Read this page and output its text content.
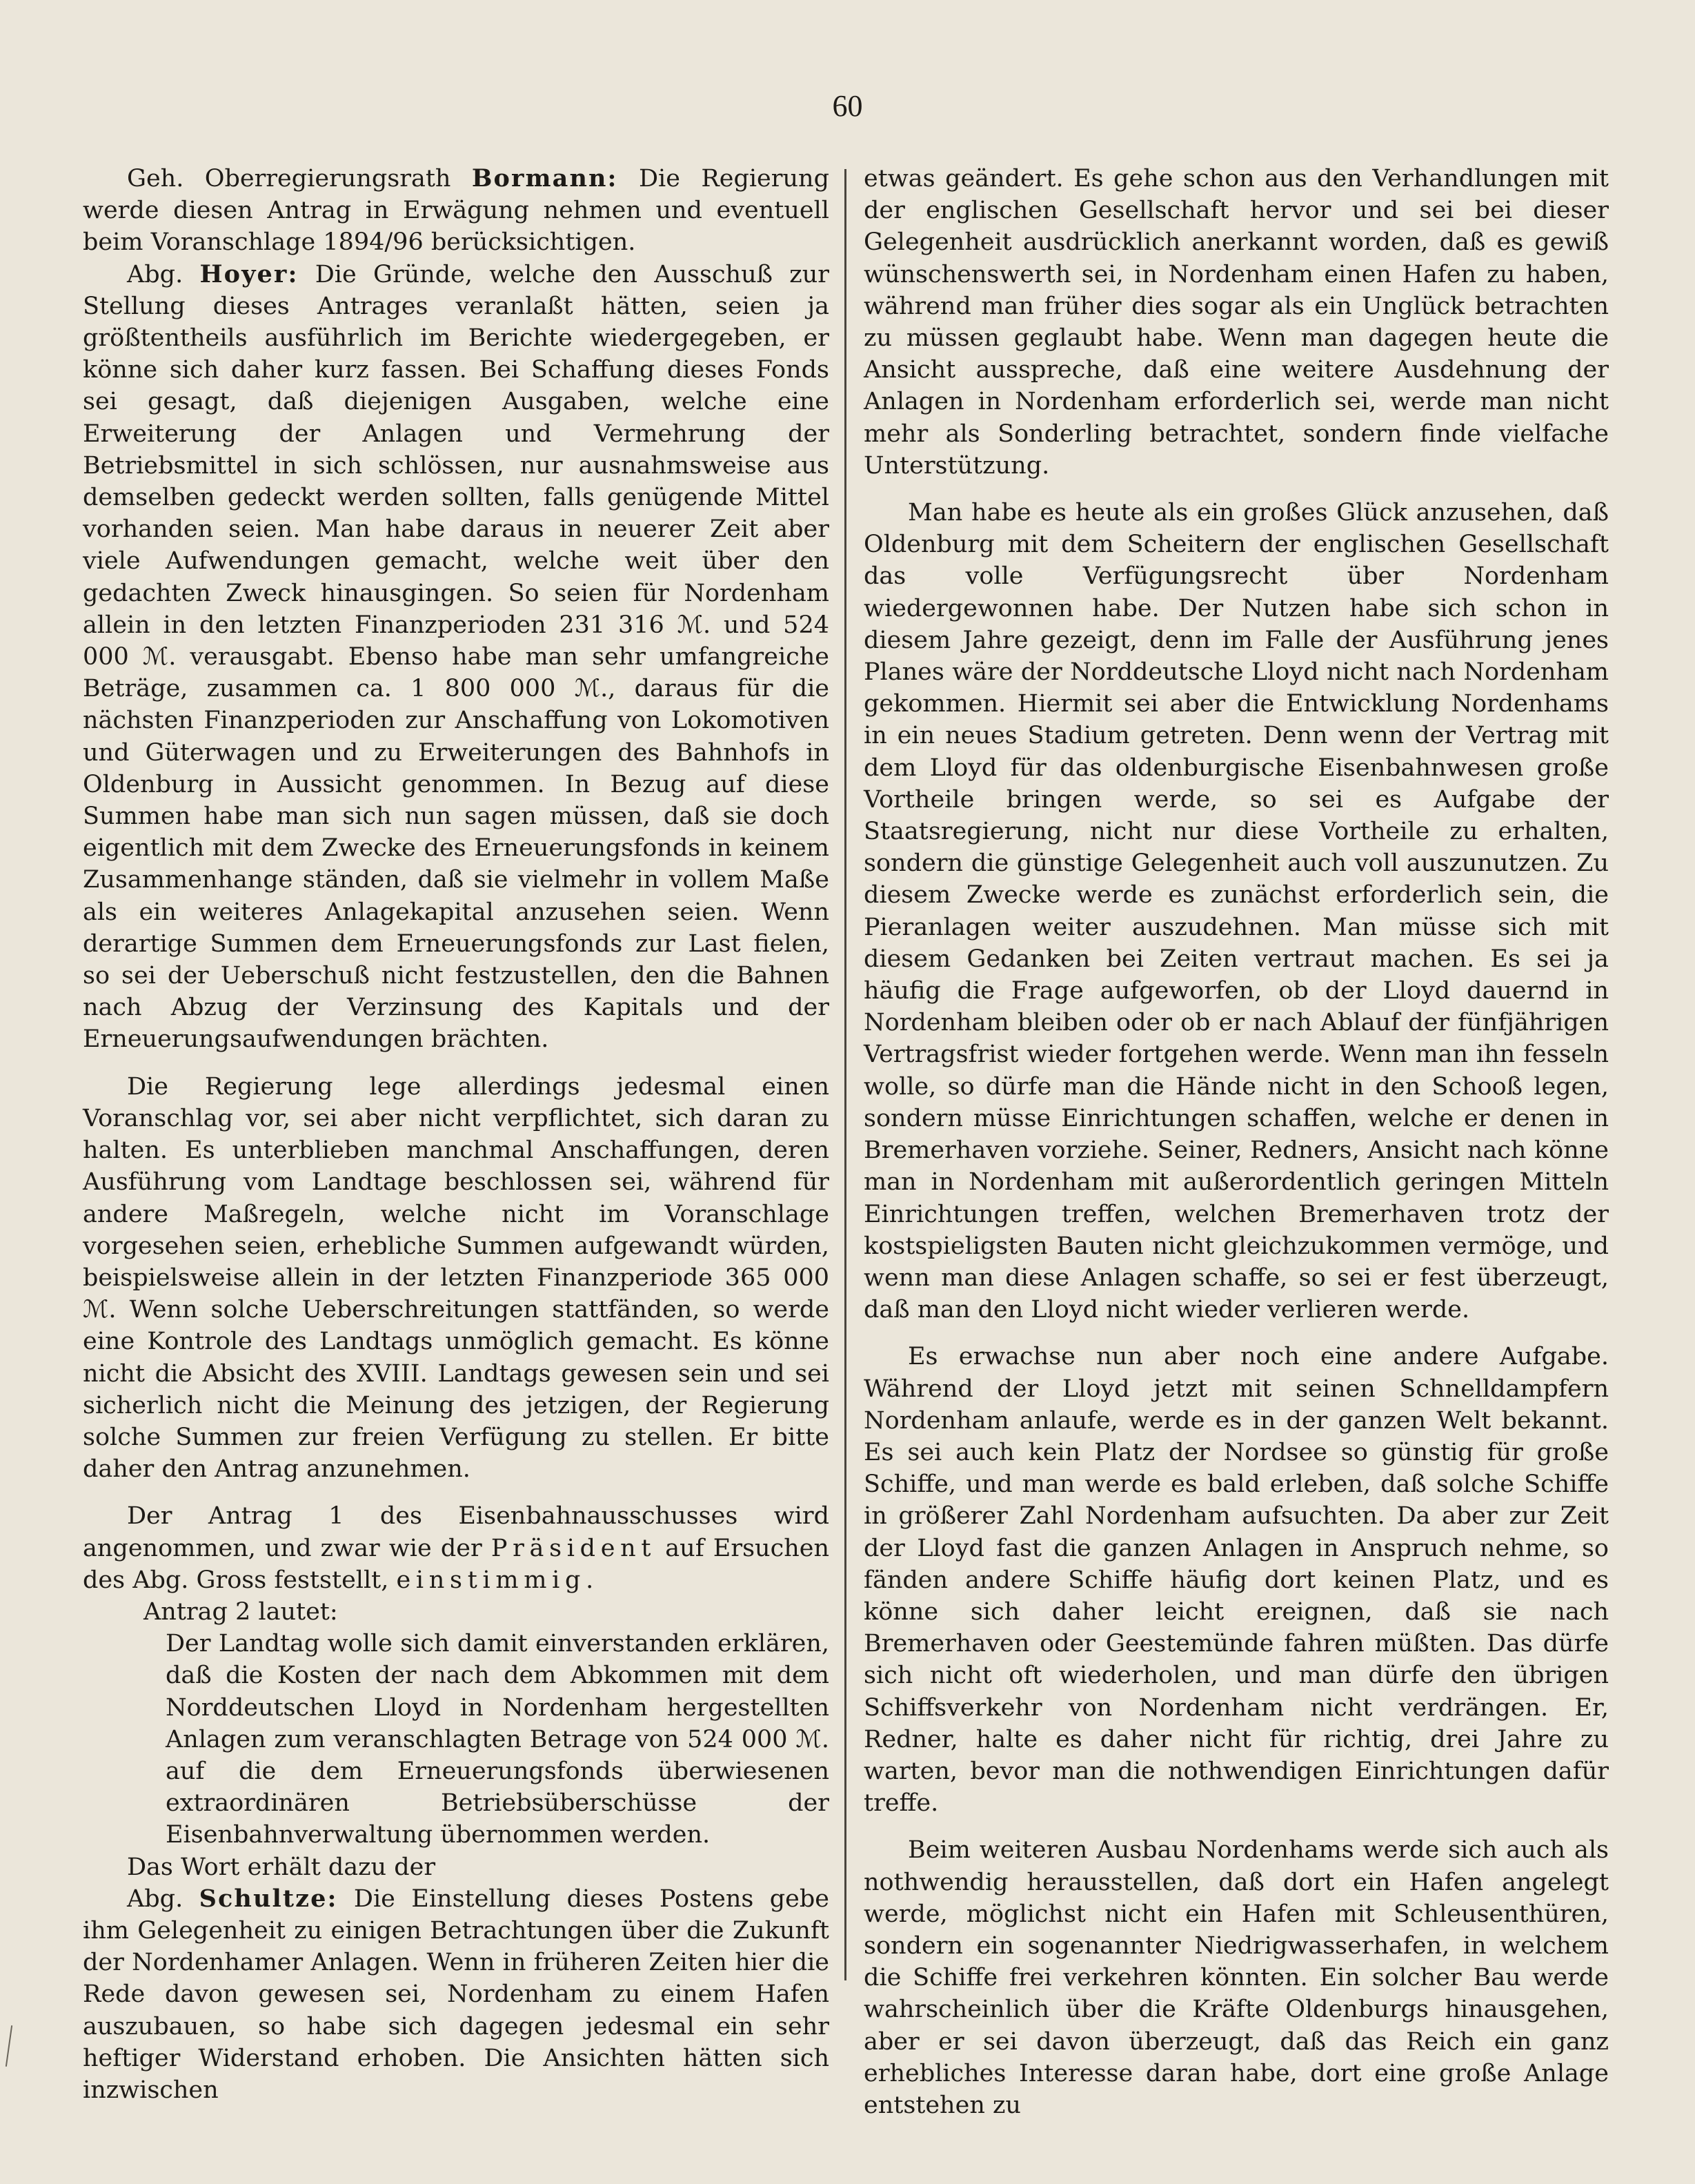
60

Geh. Oberregierungsrath Bormann: Die Regierung werde diesen Antrag in Erwägung nehmen und eventuell beim Voranschlage 1894/96 berücksichtigen.

Abg. Hoyer: Die Gründe, welche den Ausschuß zur Stellung dieses Antrages veranlaßt hätten, seien ja größtentheils ausführlich im Berichte wiedergegeben, er könne sich daher kurz fassen. Bei Schaffung dieses Fonds sei gesagt, daß diejenigen Ausgaben, welche eine Erweiterung der Anlagen und Vermehrung der Betriebsmittel in sich schlössen, nur ausnahmsweise aus demselben gedeckt werden sollten, falls genügende Mittel vorhanden seien. Man habe daraus in neuerer Zeit aber viele Aufwendungen gemacht, welche weit über den gedachten Zweck hinausgingen. So seien für Nordenham allein in den letzten Finanzperioden 231 316 ℳ. und 524 000 ℳ. verausgabt. Ebenso habe man sehr umfangreiche Beträge, zusammen ca. 1 800 000 ℳ., daraus für die nächsten Finanzperioden zur Anschaffung von Lokomotiven und Güterwagen und zu Erweiterungen des Bahnhofs in Oldenburg in Aussicht genommen. In Bezug auf diese Summen habe man sich nun sagen müssen, daß sie doch eigentlich mit dem Zwecke des Erneuerungsfonds in keinem Zusammenhange ständen, daß sie vielmehr in vollem Maße als ein weiteres Anlagekapital anzusehen seien. Wenn derartige Summen dem Erneuerungsfonds zur Last fielen, so sei der Ueberschuß nicht festzustellen, den die Bahnen nach Abzug der Verzinsung des Kapitals und der Erneuerungsaufwendungen brächten.

Die Regierung lege allerdings jedesmal einen Voranschlag vor, sei aber nicht verpflichtet, sich daran zu halten. Es unterblieben manchmal Anschaffungen, deren Ausführung vom Landtage beschlossen sei, während für andere Maßregeln, welche nicht im Voranschlage vorgesehen seien, erhebliche Summen aufgewandt würden, beispielsweise allein in der letzten Finanzperiode 365 000 ℳ. Wenn solche Ueberschreitungen stattfänden, so werde eine Kontrole des Landtags unmöglich gemacht. Es könne nicht die Absicht des XVIII. Landtags gewesen sein und sei sicherlich nicht die Meinung des jetzigen, der Regierung solche Summen zur freien Verfügung zu stellen. Er bitte daher den Antrag anzunehmen.

Der Antrag 1 des Eisenbahnausschusses wird angenommen, und zwar wie der Präsident auf Ersuchen des Abg. Gross feststellt, einstimmig.

Antrag 2 lautet:

Der Landtag wolle sich damit einverstanden erklären, daß die Kosten der nach dem Abkommen mit dem Norddeutschen Lloyd in Nordenham hergestellten Anlagen zum veranschlagten Betrage von 524 000 ℳ. auf die dem Erneuerungsfonds überwiesenen extraordinären Betriebsüberschüsse der Eisenbahnverwaltung übernommen werden.

Das Wort erhält dazu der

Abg. Schultze: Die Einstellung dieses Postens gebe ihm Gelegenheit zu einigen Betrachtungen über die Zukunft der Nordenhamer Anlagen. Wenn in früheren Zeiten hier die Rede davon gewesen sei, Nordenham zu einem Hafen auszubauen, so habe sich dagegen jedesmal ein sehr heftiger Widerstand erhoben. Die Ansichten hätten sich inzwischen

etwas geändert. Es gehe schon aus den Verhandlungen mit der englischen Gesellschaft hervor und sei bei dieser Gelegenheit ausdrücklich anerkannt worden, daß es gewiß wünschenswerth sei, in Nordenham einen Hafen zu haben, während man früher dies sogar als ein Unglück betrachten zu müssen geglaubt habe. Wenn man dagegen heute die Ansicht ausspreche, daß eine weitere Ausdehnung der Anlagen in Nordenham erforderlich sei, werde man nicht mehr als Sonderling betrachtet, sondern finde vielfache Unterstützung.

Man habe es heute als ein großes Glück anzusehen, daß Oldenburg mit dem Scheitern der englischen Gesellschaft das volle Verfügungsrecht über Nordenham wiedergewonnen habe. Der Nutzen habe sich schon in diesem Jahre gezeigt, denn im Falle der Ausführung jenes Planes wäre der Norddeutsche Lloyd nicht nach Nordenham gekommen. Hiermit sei aber die Entwicklung Nordenhams in ein neues Stadium getreten. Denn wenn der Vertrag mit dem Lloyd für das oldenburgische Eisenbahnwesen große Vortheile bringen werde, so sei es Aufgabe der Staatsregierung, nicht nur diese Vortheile zu erhalten, sondern die günstige Gelegenheit auch voll auszunutzen. Zu diesem Zwecke werde es zunächst erforderlich sein, die Pieranlagen weiter auszudehnen. Man müsse sich mit diesem Gedanken bei Zeiten vertraut machen. Es sei ja häufig die Frage aufgeworfen, ob der Lloyd dauernd in Nordenham bleiben oder ob er nach Ablauf der fünfjährigen Vertragsfrist wieder fortgehen werde. Wenn man ihn fesseln wolle, so dürfe man die Hände nicht in den Schooß legen, sondern müsse Einrichtungen schaffen, welche er denen in Bremerhaven vorziehe. Seiner, Redners, Ansicht nach könne man in Nordenham mit außerordentlich geringen Mitteln Einrichtungen treffen, welchen Bremerhaven trotz der kostspieligsten Bauten nicht gleichzukommen vermöge, und wenn man diese Anlagen schaffe, so sei er fest überzeugt, daß man den Lloyd nicht wieder verlieren werde.

Es erwachse nun aber noch eine andere Aufgabe. Während der Lloyd jetzt mit seinen Schnelldampfern Nordenham anlaufe, werde es in der ganzen Welt bekannt. Es sei auch kein Platz der Nordsee so günstig für große Schiffe, und man werde es bald erleben, daß solche Schiffe in größerer Zahl Nordenham aufsuchten. Da aber zur Zeit der Lloyd fast die ganzen Anlagen in Anspruch nehme, so fänden andere Schiffe häufig dort keinen Platz, und es könne sich daher leicht ereignen, daß sie nach Bremerhaven oder Geestemünde fahren müßten. Das dürfe sich nicht oft wiederholen, und man dürfe den übrigen Schiffsverkehr von Nordenham nicht verdrängen. Er, Redner, halte es daher nicht für richtig, drei Jahre zu warten, bevor man die nothwendigen Einrichtungen dafür treffe.

Beim weiteren Ausbau Nordenhams werde sich auch als nothwendig herausstellen, daß dort ein Hafen angelegt werde, möglichst nicht ein Hafen mit Schleusenthüren, sondern ein sogenannter Niedrigwasserhafen, in welchem die Schiffe frei verkehren könnten. Ein solcher Bau werde wahrscheinlich über die Kräfte Oldenburgs hinausgehen, aber er sei davon überzeugt, daß das Reich ein ganz erhebliches Interesse daran habe, dort eine große Anlage entstehen zu
